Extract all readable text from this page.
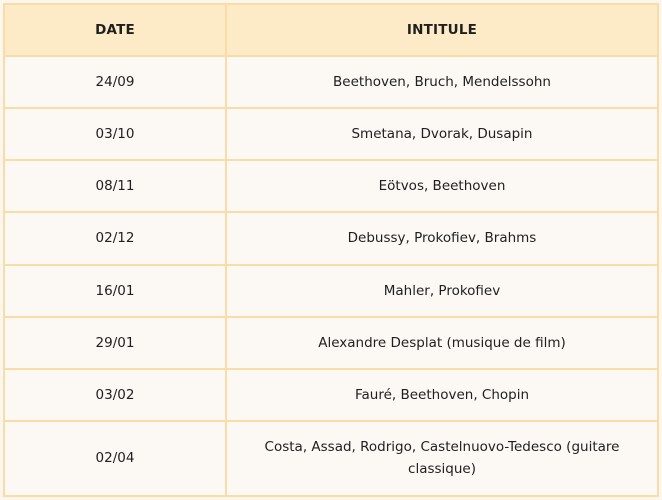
DATE	INTITULE
24/09	Beethoven, Bruch, Mendelssohn
03/10	Smetana, Dvorak, Dusapin
08/11	Eötvos, Beethoven
02/12	Debussy, Prokofiev, Brahms
16/01	Mahler, Prokofiev
29/01	Alexandre Desplat (musique de film)
03/02	Fauré, Beethoven, Chopin
02/04	Costa, Assad, Rodrigo, Castelnuovo-Tedesco (guitare classique)
